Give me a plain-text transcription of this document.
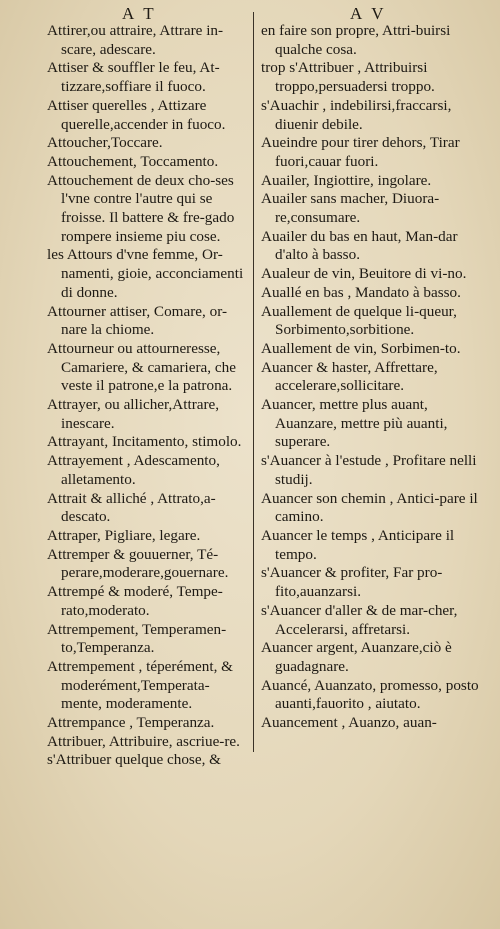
A T	A V

Attirer,ou attraire, Attrare in-scare, adescare.

Attiser & souffler le feu, At-tizzare,soffiare il fuoco.

Attiser querelles , Attizare querelle,accender in fuoco.

Attoucher,Toccare.

Attouchement, Toccamento.

Attouchement de deux cho-ses l'vne contre l'autre qui se froisse. Il battere & fre-gado rompere insieme piu cose.

les Attours d'vne femme, Or-namenti, gioie, acconciamenti di donne.

Attourner attiser, Comare, or-nare la chiome.

Attourneur ou attourneresse, Camariere, & camariera, che veste il patrone,e la patrona.

Attrayer, ou allicher,Attrare, inescare.

Attrayant, Incitamento, stimolo.

Attrayement , Adescamento, alletamento.

Attrait & alliché , Attrato,a-descato.

Attraper, Pigliare, legare.

Attremper & gouuerner, Té-perare,moderare,gouernare.

Attrempé & moderé, Tempe-rato,moderato.

Attrempement, Temperamen-to,Temperanza.

Attrempement , téperément, & moderément,Temperata-mente, moderamente.

Attrempance , Temperanza.

Attribuer, Attribuire, ascriue-re.

s'Attribuer quelque chose, &

en faire son propre, Attri-buirsi qualche cosa.

trop s'Attribuer , Attribuirsi troppo,persuadersi troppo.

s'Auachir , indebilirsi,fraccarsi, diuenir debile.

Aueindre pour tirer dehors, Tirar fuori,cauar fuori.

Auailer, Ingiottire, ingolare.

Auailer sans macher, Diuora-re,consumare.

Auailer du bas en haut, Man-dar d'alto à basso.

Aualeur de vin, Beuitore di vi-no.

Auallé en bas , Mandato à basso.

Auallement de quelque li-queur, Sorbimento,sorbitione.

Auallement de vin, Sorbimen-to.

Auancer & haster, Affrettare, accelerare,sollicitare.

Auancer, mettre plus auant, Auanzare, mettre più auanti, superare.

s'Auancer à l'estude , Profitare nelli studij.

Auancer son chemin , Antici-pare il camino.

Auancer le temps , Anticipare il tempo.

s'Auancer & profiter, Far pro-fito,auanzarsi.

s'Auancer d'aller & de mar-cher, Accelerarsi, affretarsi.

Auancer argent, Auanzare,ciò è guadagnare.

Auancé, Auanzato, promesso, posto auanti,fauorito , aiutato.

Auancement , Auanzo, auan-
